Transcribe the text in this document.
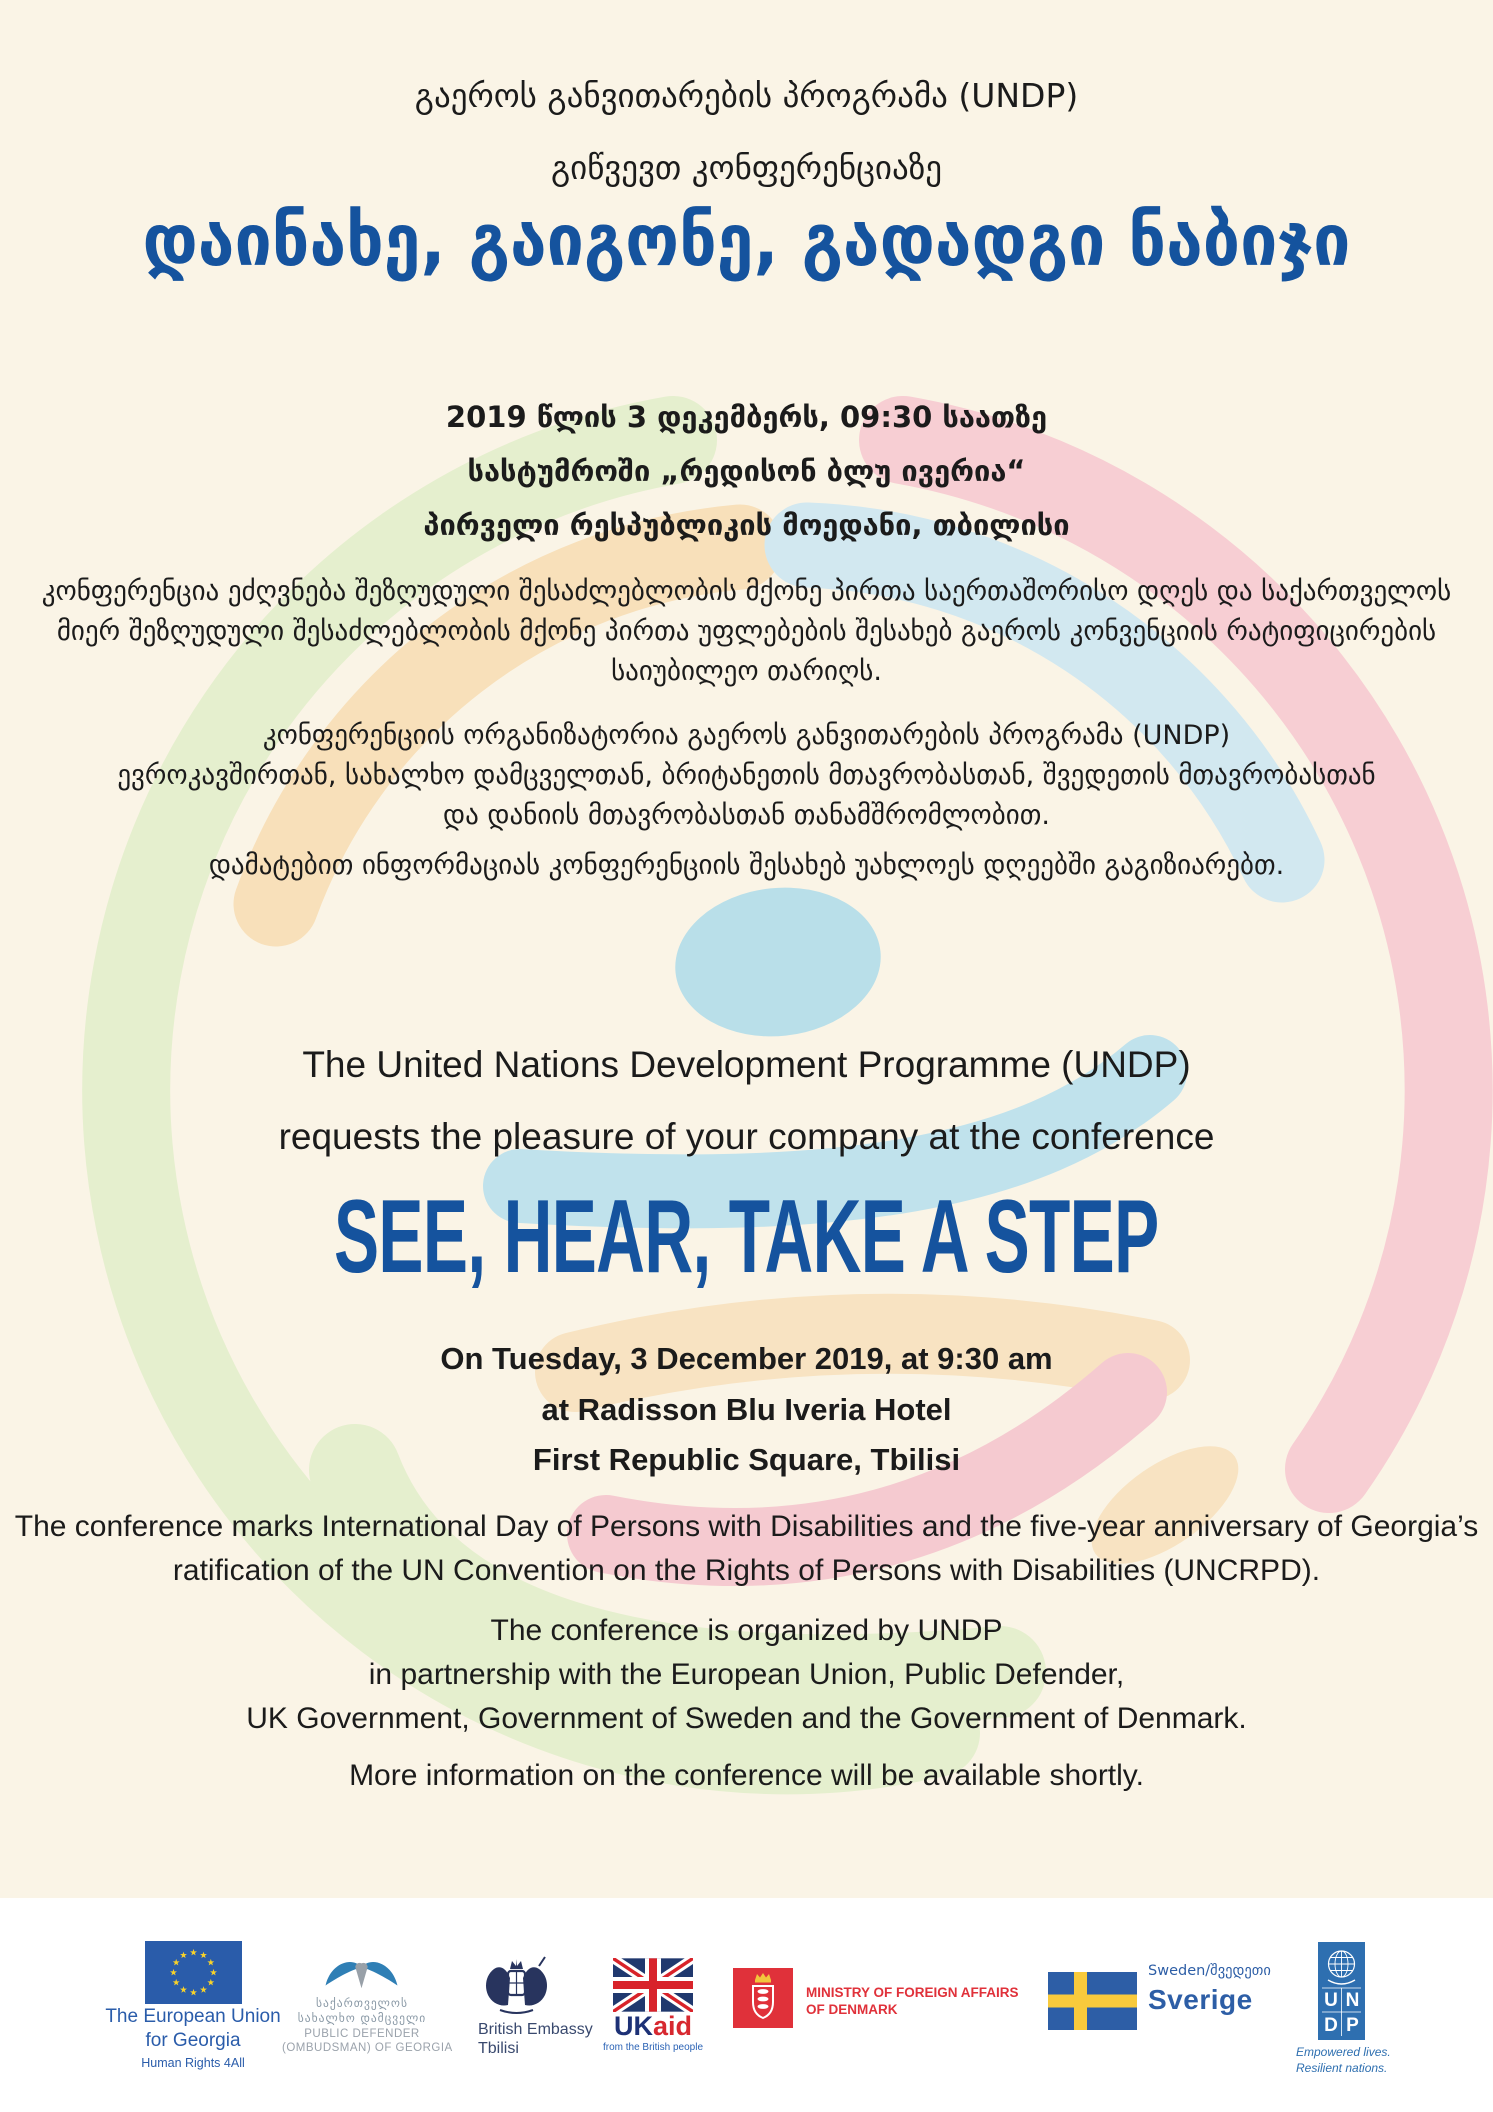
გაეროს განვითარების პროგრამა (UNDP)
გიწვევთ კონფერენციაზე
დაინახე, გაიგონე, გადადგი ნაბიჯი
2019 წლის 3 დეკემბერს, 09:30 საათზე
სასტუმროში „რედისონ ბლუ ივერია“
პირველი რესპუბლიკის მოედანი, თბილისი
კონფერენცია ეძღვნება შეზღუდული შესაძლებლობის მქონე პირთა საერთაშორისო დღეს და საქართველოს
მიერ შეზღუდული შესაძლებლობის მქონე პირთა უფლებების შესახებ გაეროს კონვენციის რატიფიცირების
საიუბილეო თარიღს.
კონფერენციის ორგანიზატორია გაეროს განვითარების პროგრამა (UNDP)
ევროკავშირთან, სახალხო დამცველთან, ბრიტანეთის მთავრობასთან, შვედეთის მთავრობასთან
და დანიის მთავრობასთან თანამშრომლობით.
დამატებით ინფორმაციას კონფერენციის შესახებ უახლოეს დღეებში გაგიზიარებთ.
The United Nations Development Programme (UNDP)
requests the pleasure of your company at the conference
SEE, HEAR, TAKE A STEP
On Tuesday, 3 December 2019, at 9:30 am
at Radisson Blu Iveria Hotel
First Republic Square, Tbilisi
The conference marks International Day of Persons with Disabilities and the five-year anniversary of Georgia’s
ratification of the UN Convention on the Rights of Persons with Disabilities (UNCRPD).
The conference is organized by UNDP
in partnership with the European Union, Public Defender,
UK Government, Government of Sweden and the Government of Denmark.
More information on the conference will be available shortly.
The European Union
for Georgia
Human Rights 4All
საქართველოს
სახალხო დამცველი
PUBLIC DEFENDER
(OMBUDSMAN) OF GEORGIA
British Embassy
Tbilisi
UKaid
from the British people
MINISTRY OF FOREIGN AFFAIRS
OF DENMARK
Sweden/შვედეთი
Sverige	U N
D P
Empowered lives.
Resilient nations.
